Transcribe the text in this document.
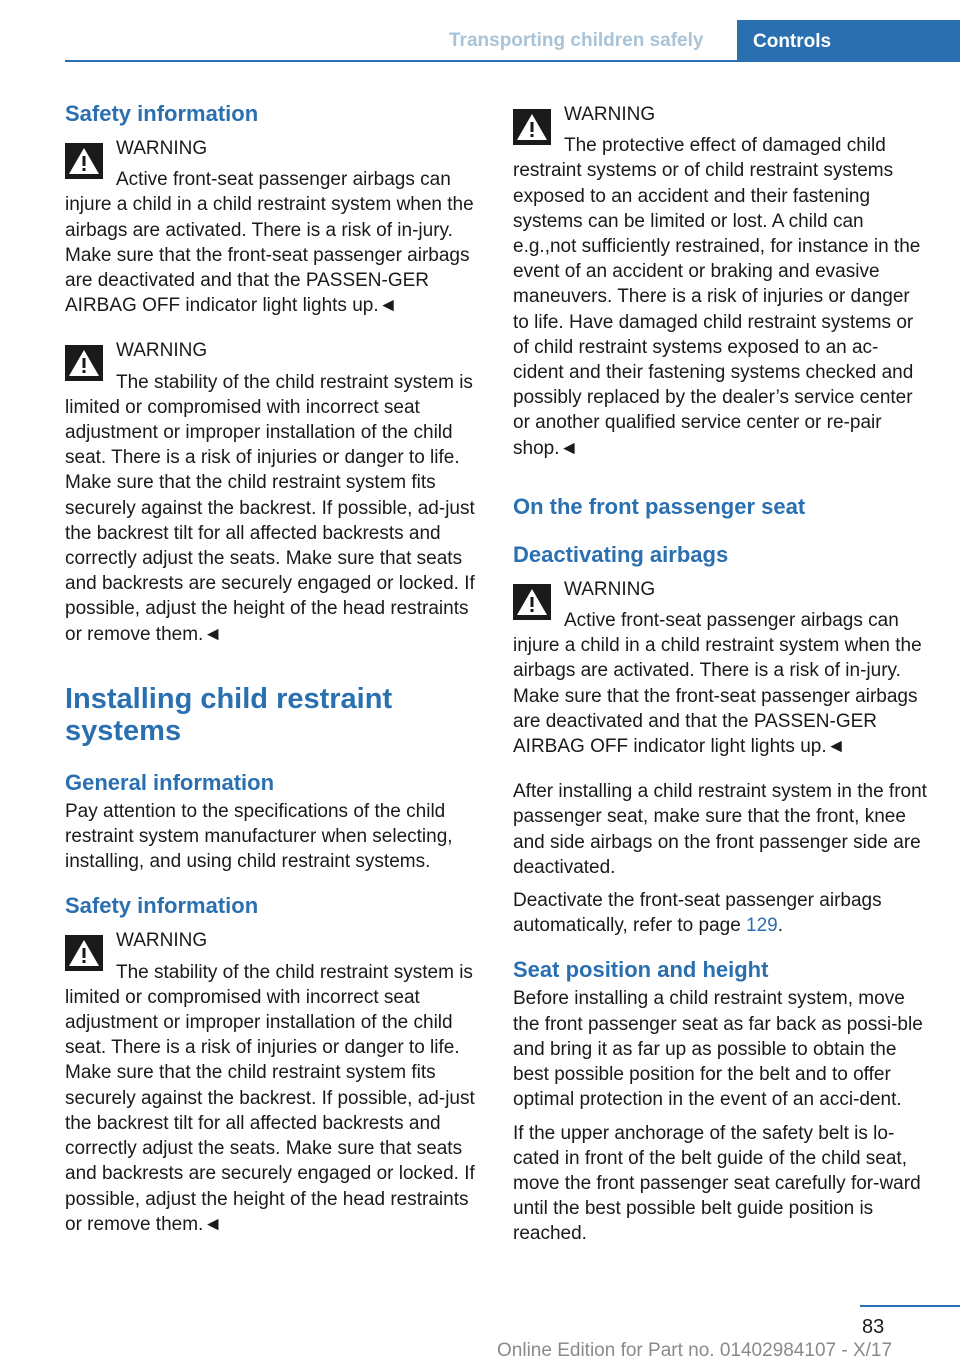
Transporting children safely	Controls
Safety information
WARNING
Active front-seat passenger airbags can injure a child in a child restraint system when the airbags are activated. There is a risk of in-jury. Make sure that the front-seat passenger airbags are deactivated and that the PASSEN-GER AIRBAG OFF indicator light lights up.◄
WARNING
The stability of the child restraint system is limited or compromised with incorrect seat adjustment or improper installation of the child seat. There is a risk of injuries or danger to life. Make sure that the child restraint system fits securely against the backrest. If possible, ad-just the backrest tilt for all affected backrests and correctly adjust the seats. Make sure that seats and backrests are securely engaged or locked. If possible, adjust the height of the head restraints or remove them.◄
Installing child restraint systems
General information

Pay attention to the specifications of the child restraint system manufacturer when selecting, installing, and using child restraint systems.

Safety information
WARNING
The stability of the child restraint system is limited or compromised with incorrect seat adjustment or improper installation of the child seat. There is a risk of injuries or danger to life. Make sure that the child restraint system fits securely against the backrest. If possible, ad-just the backrest tilt for all affected backrests and correctly adjust the seats. Make sure that seats and backrests are securely engaged or locked. If possible, adjust the height of the head restraints or remove them.◄
WARNING
The protective effect of damaged child restraint systems or of child restraint systems exposed to an accident and their fastening systems can be limited or lost. A child can e.g.,not sufficiently restrained, for instance in the event of an accident or braking and evasive maneuvers. There is a risk of injuries or danger to life. Have damaged child restraint systems or of child restraint systems exposed to an ac-cident and their fastening systems checked and possibly replaced by the dealer’s service center or another qualified service center or re-pair shop.◄
On the front passenger seat
Deactivating airbags
WARNING
Active front-seat passenger airbags can injure a child in a child restraint system when the airbags are activated. There is a risk of in-jury. Make sure that the front-seat passenger airbags are deactivated and that the PASSEN-GER AIRBAG OFF indicator light lights up.◄

After installing a child restraint system in the front passenger seat, make sure that the front, knee and side airbags on the front passenger side are deactivated.

Deactivate the front-seat passenger airbags automatically, refer to page 129.

Seat position and height

Before installing a child restraint system, move the front passenger seat as far back as possi-ble and bring it as far up as possible to obtain the best possible position for the belt and to offer optimal protection in the event of an acci-dent.

If the upper anchorage of the safety belt is lo-cated in front of the belt guide of the child seat, move the front passenger seat carefully for-ward until the best possible belt guide position is reached.

83
Online Edition for Part no. 01402984107 - X/17
